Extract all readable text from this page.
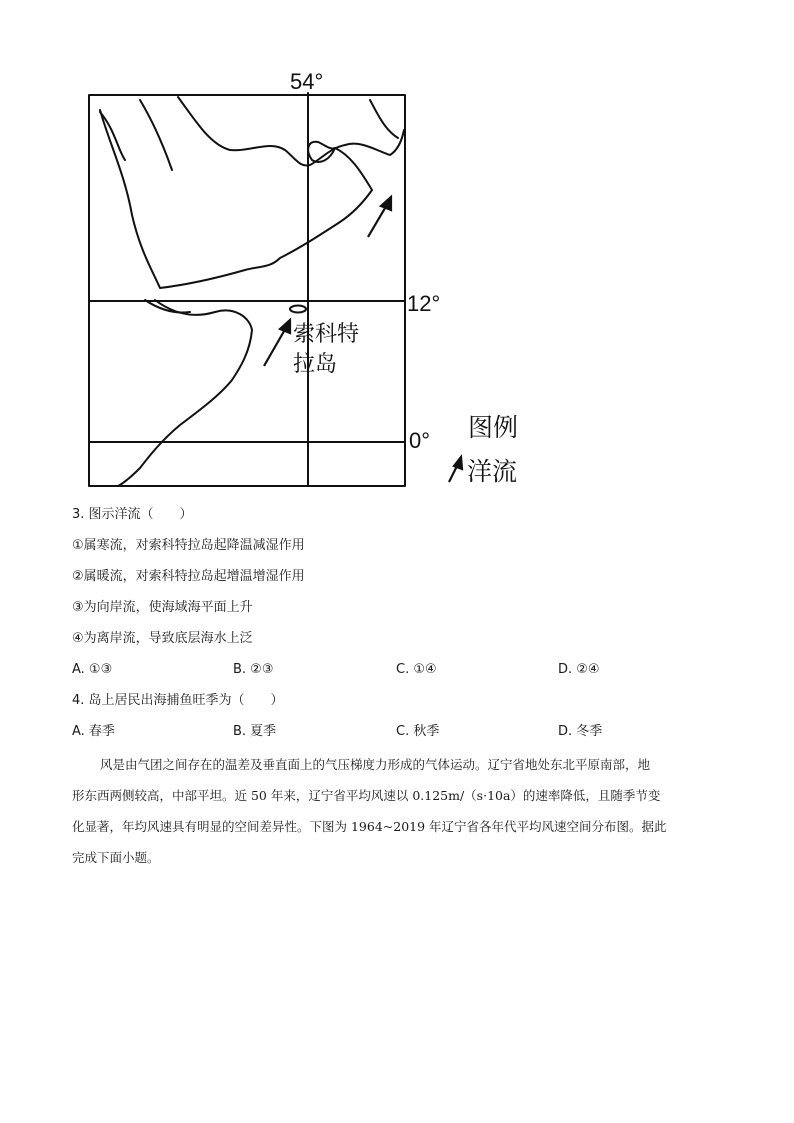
54°
12°
0°
索科特
拉岛
图例
洋流
3. 图示洋流（　　）
①属寒流，对索科特拉岛起降温减湿作用
②属暖流，对索科特拉岛起增温增湿作用
③为向岸流，使海域海平面上升
④为离岸流，导致底层海水上泛
A. ①③	B. ②③	C. ①④	D. ②④
4. 岛上居民出海捕鱼旺季为（　　）
A. 春季	B. 夏季	C. 秋季	D. 冬季
风是由气团之间存在的温差及垂直面上的气压梯度力形成的气体运动。辽宁省地处东北平原南部，地
形东西两侧较高，中部平坦。近 50 年来，辽宁省平均风速以 0.125m/（s·10a）的速率降低，且随季节变
化显著，年均风速具有明显的空间差异性。下图为 1964~2019 年辽宁省各年代平均风速空间分布图。据此
完成下面小题。
